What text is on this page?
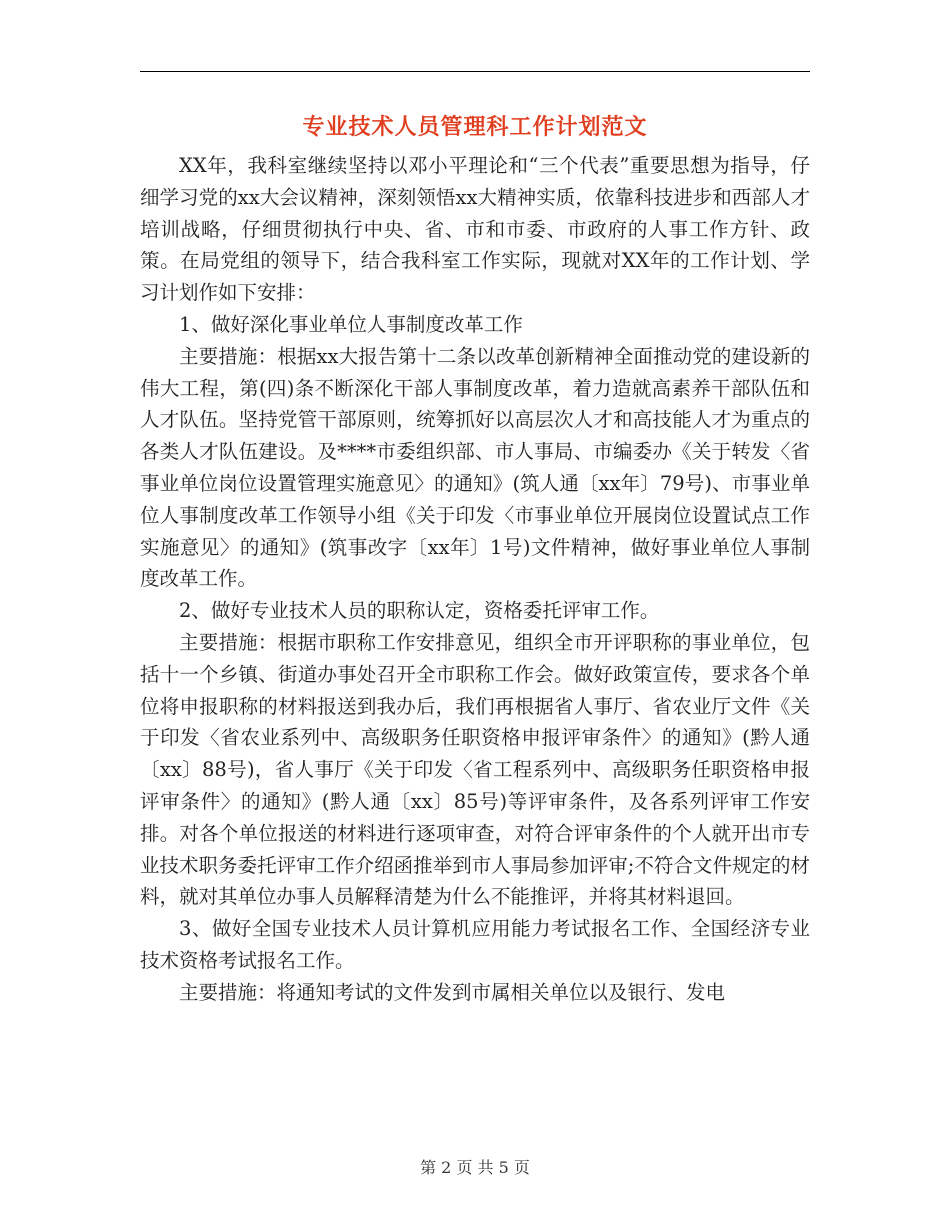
专业技术人员管理科工作计划范文

XX年，我科室继续坚持以邓小平理论和“三个代表”重要思想为指导，仔细学习党的xx大会议精神，深刻领悟xx大精神实质，依靠科技进步和西部人才培训战略，仔细贯彻执行中央、省、市和市委、市政府的人事工作方针、政策。在局党组的领导下，结合我科室工作实际，现就对XX年的工作计划、学习计划作如下安排：

1、做好深化事业单位人事制度改革工作

主要措施：根据xx大报告第十二条以改革创新精神全面推动党的建设新的伟大工程，第(四)条不断深化干部人事制度改革，着力造就高素养干部队伍和人才队伍。坚持党管干部原则，统筹抓好以高层次人才和高技能人才为重点的各类人才队伍建设。及****市委组织部、市人事局、市编委办《关于转发〈省事业单位岗位设置管理实施意见〉的通知》(筑人通〔xx年〕79号)、市事业单位人事制度改革工作领导小组《关于印发〈市事业单位开展岗位设置试点工作实施意见〉的通知》(筑事改字〔xx年〕1号)文件精神，做好事业单位人事制度改革工作。

2、做好专业技术人员的职称认定，资格委托评审工作。

主要措施：根据市职称工作安排意见，组织全市开评职称的事业单位，包括十一个乡镇、街道办事处召开全市职称工作会。做好政策宣传，要求各个单位将申报职称的材料报送到我办后，我们再根据省人事厅、省农业厅文件《关于印发〈省农业系列中、高级职务任职资格申报评审条件〉的通知》(黔人通〔xx〕88号)，省人事厅《关于印发〈省工程系列中、高级职务任职资格申报评审条件〉的通知》(黔人通〔xx〕85号)等评审条件，及各系列评审工作安排。对各个单位报送的材料进行逐项审查，对符合评审条件的个人就开出市专业技术职务委托评审工作介绍函推举到市人事局参加评审;不符合文件规定的材料，就对其单位办事人员解释清楚为什么不能推评，并将其材料退回。

3、做好全国专业技术人员计算机应用能力考试报名工作、全国经济专业技术资格考试报名工作。

主要措施：将通知考试的文件发到市属相关单位以及银行、发电

第 2 页 共 5 页
